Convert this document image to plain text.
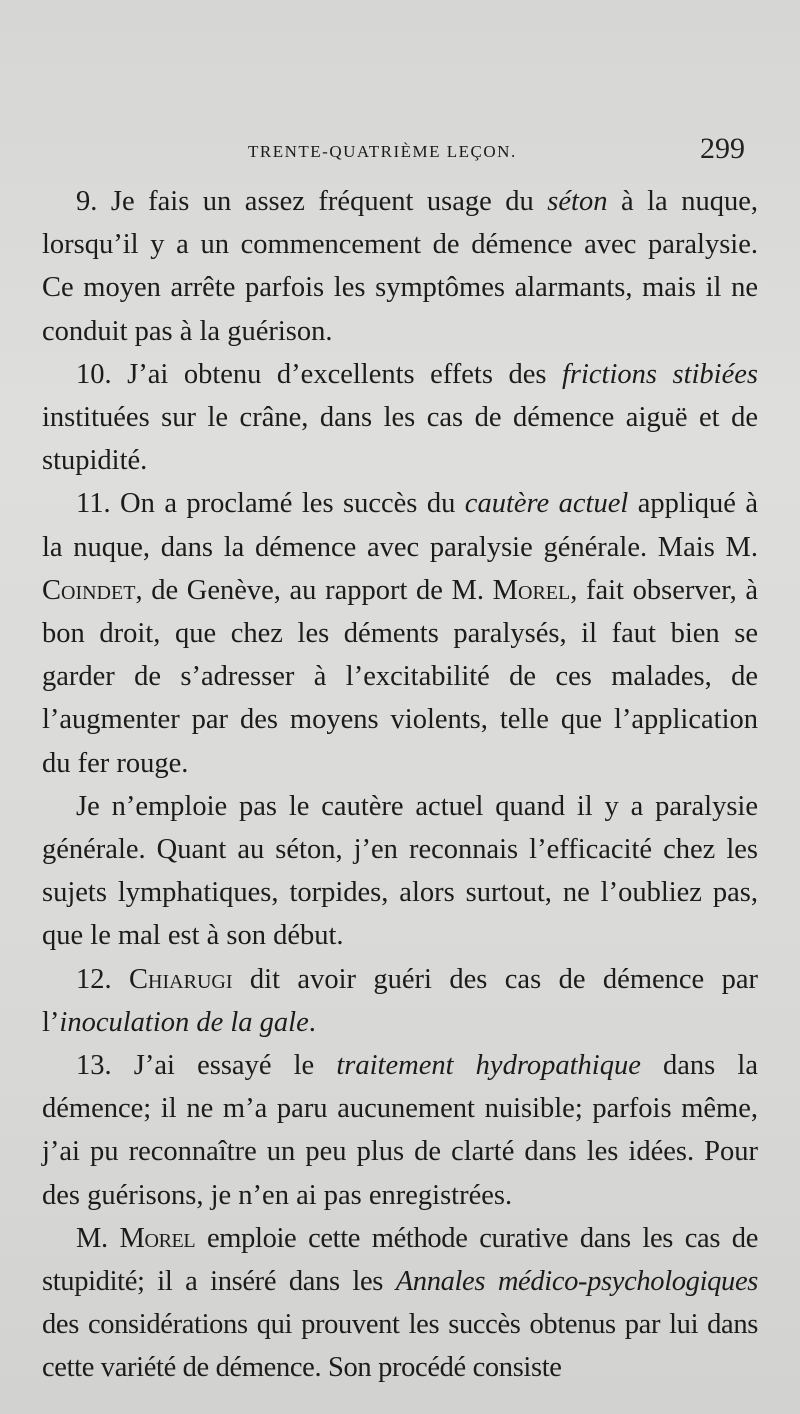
TRENTE-QUATRIÈME LEÇON.	299

9. Je fais un assez fréquent usage du séton à la nuque, lorsqu’il y a un commencement de démence avec paralysie. Ce moyen arrête parfois les symptômes alarmants, mais il ne conduit pas à la guérison.

10. J’ai obtenu d’excellents effets des frictions stibiées instituées sur le crâne, dans les cas de démence aiguë et de stupidité.

11. On a proclamé les succès du cautère actuel appliqué à la nuque, dans la démence avec paralysie générale. Mais M. Coindet, de Genève, au rapport de M. Morel, fait observer, à bon droit, que chez les déments paralysés, il faut bien se garder de s’adresser à l’excitabilité de ces malades, de l’augmenter par des moyens violents, telle que l’application du fer rouge.

Je n’emploie pas le cautère actuel quand il y a paralysie générale. Quant au séton, j’en reconnais l’efficacité chez les sujets lymphatiques, torpides, alors surtout, ne l’oubliez pas, que le mal est à son début.

12. Chiarugi dit avoir guéri des cas de démence par l’inoculation de la gale.

13. J’ai essayé le traitement hydropathique dans la démence; il ne m’a paru aucunement nuisible; parfois même, j’ai pu reconnaître un peu plus de clarté dans les idées. Pour des guérisons, je n’en ai pas enregistrées.

M. Morel emploie cette méthode curative dans les cas de stupidité; il a inséré dans les Annales médico-psychologiques des considérations qui prouvent les succès obtenus par lui dans cette variété de démence. Son procédé consiste
